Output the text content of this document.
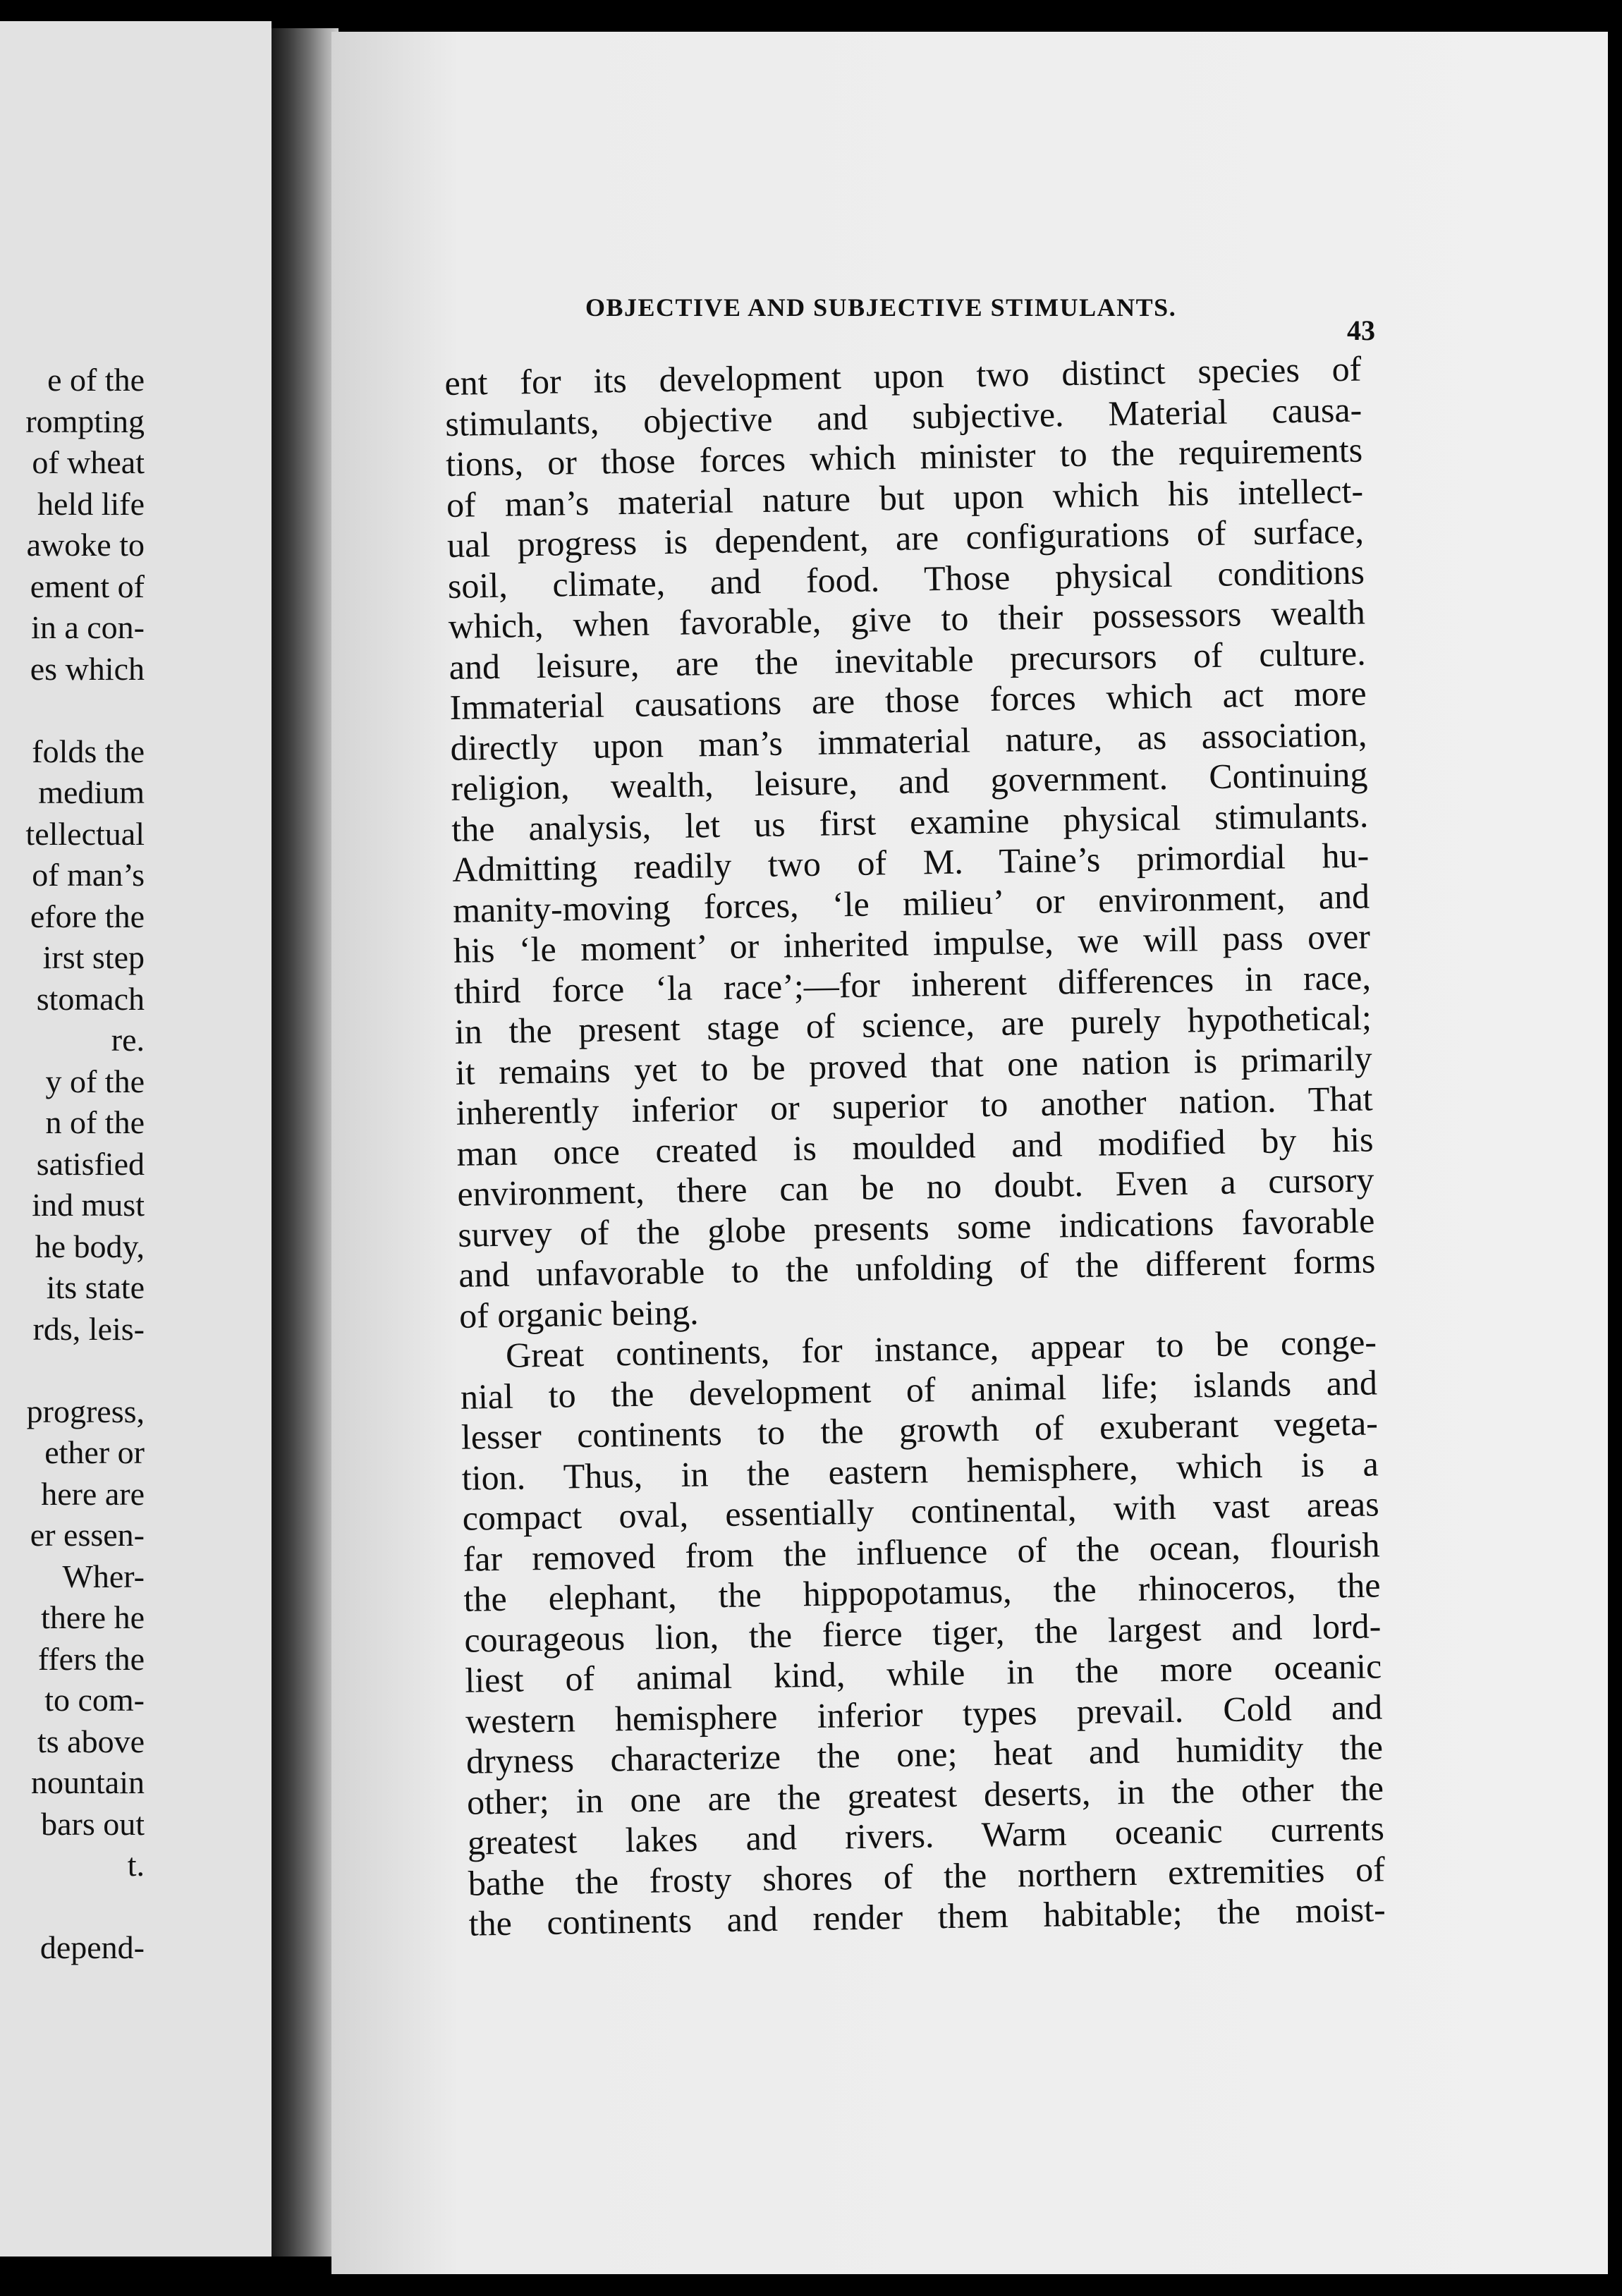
e of the
rompting
of wheat
held life
awoke to
ement of
in a con-
es which
folds the
medium
tellectual
of man’s
efore the
irst step
stomach
re.
y of the
n of the
satisfied
ind must
he body,
its state
rds, leis-
progress,
ether or
here are
er essen-
Wher-
there he
ffers the
to com-
ts above
nountain
bars out
t.
depend-
OBJECTIVE AND SUBJECTIVE STIMULANTS.
43
ent for its development upon two distinct species of
stimulants, objective and subjective. Material causa-
tions, or those forces which minister to the requirements
of man’s material nature but upon which his intellect-
ual progress is dependent, are configurations of surface,
soil, climate, and food. Those physical conditions
which, when favorable, give to their possessors wealth
and leisure, are the inevitable precursors of culture.
Immaterial causations are those forces which act more
directly upon man’s immaterial nature, as association,
religion, wealth, leisure, and government. Continuing
the analysis, let us first examine physical stimulants.
Admitting readily two of M. Taine’s primordial hu-
manity-moving forces, ‘le milieu’ or environment, and
his ‘le moment’ or inherited impulse, we will pass over
third force ‘la race’;—for inherent differences in race,
in the present stage of science, are purely hypothetical;
it remains yet to be proved that one nation is primarily
inherently inferior or superior to another nation. That
man once created is moulded and modified by his
environment, there can be no doubt. Even a cursory
survey of the globe presents some indications favorable
and unfavorable to the unfolding of the different forms
of organic being.
Great continents, for instance, appear to be conge-
nial to the development of animal life; islands and
lesser continents to the growth of exuberant vegeta-
tion. Thus, in the eastern hemisphere, which is a
compact oval, essentially continental, with vast areas
far removed from the influence of the ocean, flourish
the elephant, the hippopotamus, the rhinoceros, the
courageous lion, the fierce tiger, the largest and lord-
liest of animal kind, while in the more oceanic
western hemisphere inferior types prevail. Cold and
dryness characterize the one; heat and humidity the
other; in one are the greatest deserts, in the other the
greatest lakes and rivers. Warm oceanic currents
bathe the frosty shores of the northern extremities of
the continents and render them habitable; the moist-
